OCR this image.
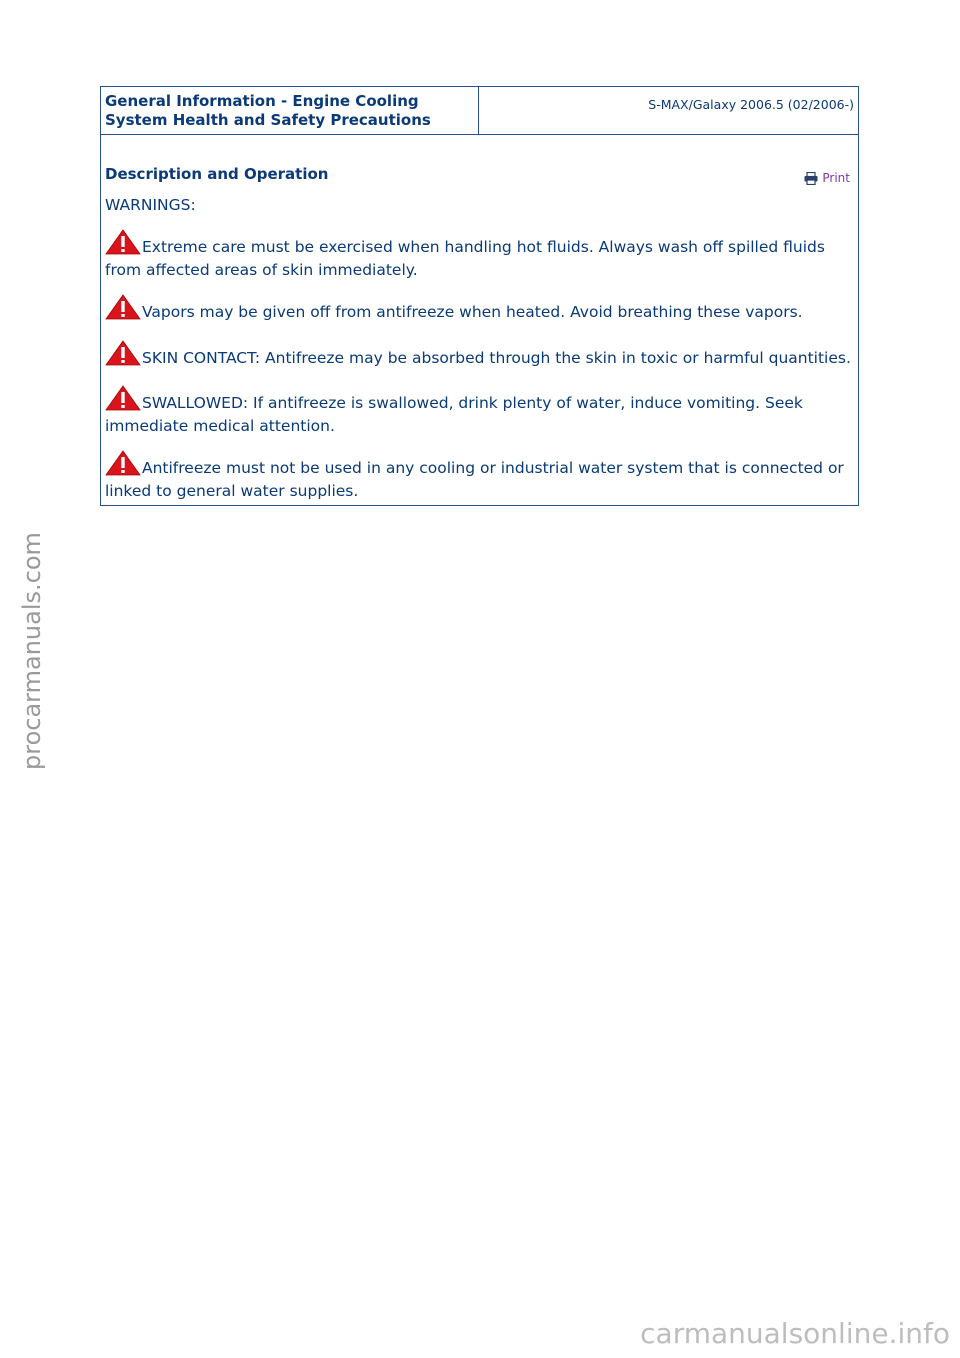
General Information - Engine Cooling
System Health and Safety Precautions
S-MAX/Galaxy 2006.5 (02/2006-)
Print
Description and Operation
WARNINGS:
Extreme care must be exercised when handling hot fluids. Always wash off spilled fluids from affected areas of skin immediately.
Vapors may be given off from antifreeze when heated. Avoid breathing these vapors.
SKIN CONTACT: Antifreeze may be absorbed through the skin in toxic or harmful quantities.
SWALLOWED: If antifreeze is swallowed, drink plenty of water, induce vomiting. Seek immediate medical attention.
Antifreeze must not be used in any cooling or industrial water system that is connected or linked to general water supplies.
procarmanuals.com
carmanualsonline.info
